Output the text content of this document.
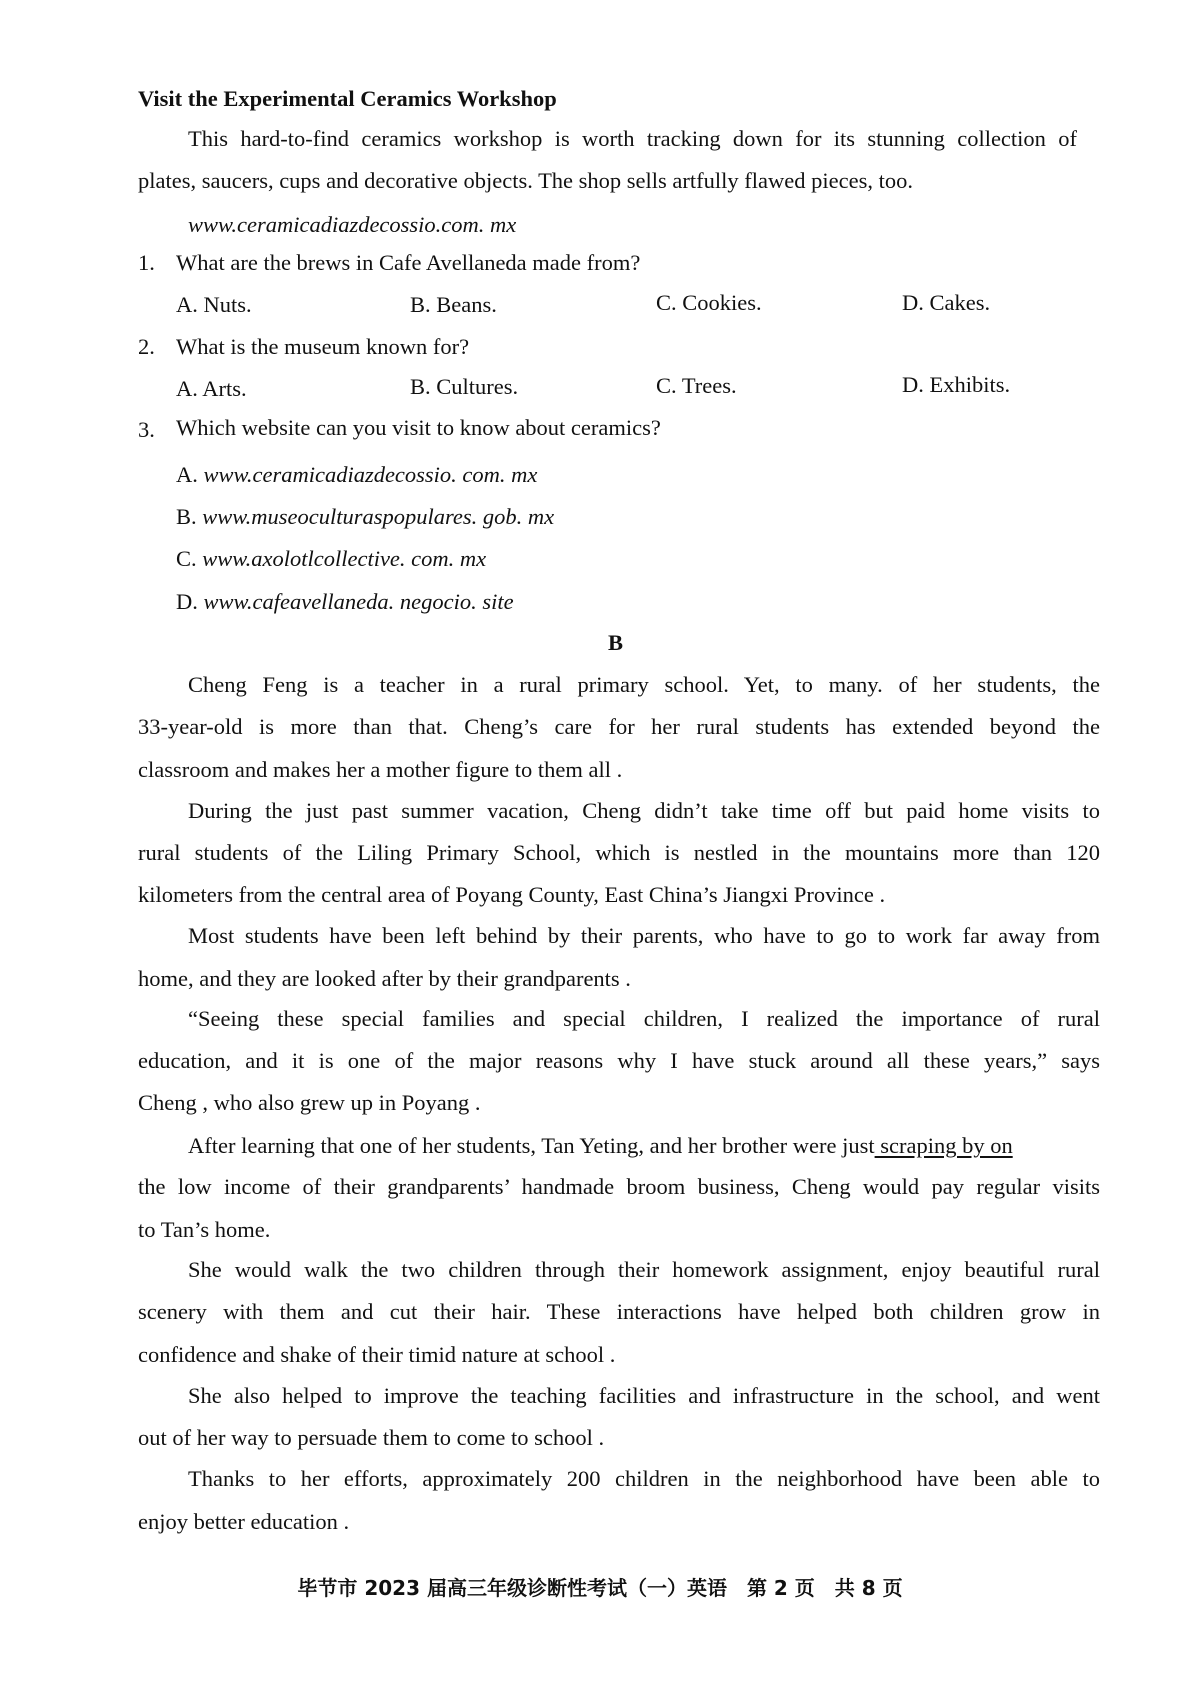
Visit the Experimental Ceramics Workshop
This hard-to-find ceramics workshop is worth tracking down for its stunning collection of
plates, saucers, cups and decorative objects. The shop sells artfully flawed pieces, too.
www.ceramicadiazdecossio.com. mx
1. What are the brews in Cafe Avellaneda made from?
A. Nuts.	B. Beans.	C. Cookies.	D. Cakes.
2. What is the museum known for?
A. Arts.	B. Cultures.	C. Trees.	D. Exhibits.
3. Which website can you visit to know about ceramics?
A. www.ceramicadiazdecossio. com. mx
B. www.museoculturaspopulares. gob. mx
C. www.axolotlcollective. com. mx
D. www.cafeavellaneda. negocio. site
B
Cheng Feng is a teacher in a rural primary school. Yet, to many. of her students, the
33-year-old is more than that. Cheng’s care for her rural students has extended beyond the
classroom and makes her a mother figure to them all .
During the just past summer vacation, Cheng didn’t take time off but paid home visits to
rural students of the Liling Primary School, which is nestled in the mountains more than 120
kilometers from the central area of Poyang County, East China’s Jiangxi Province .
Most students have been left behind by their parents, who have to go to work far away from
home, and they are looked after by their grandparents .
“Seeing these special families and special children, I realized the importance of rural
education, and it is one of the major reasons why I have stuck around all these years,” says
Cheng , who also grew up in Poyang .
After learning that one of her students, Tan Yeting, and her brother were just scraping by on
the low income of their grandparents’ handmade broom business, Cheng would pay regular visits
to Tan’s home.
She would walk the two children through their homework assignment, enjoy beautiful rural
scenery with them and cut their hair. These interactions have helped both children grow in
confidence and shake of their timid nature at school .
She also helped to improve the teaching facilities and infrastructure in the school, and went
out of her way to persuade them to come to school .
Thanks to her efforts, approximately 200 children in the neighborhood have been able to
enjoy better education .
毕节市 2023 届高三年级诊断性考试（一）英语　第 2 页　共 8 页
